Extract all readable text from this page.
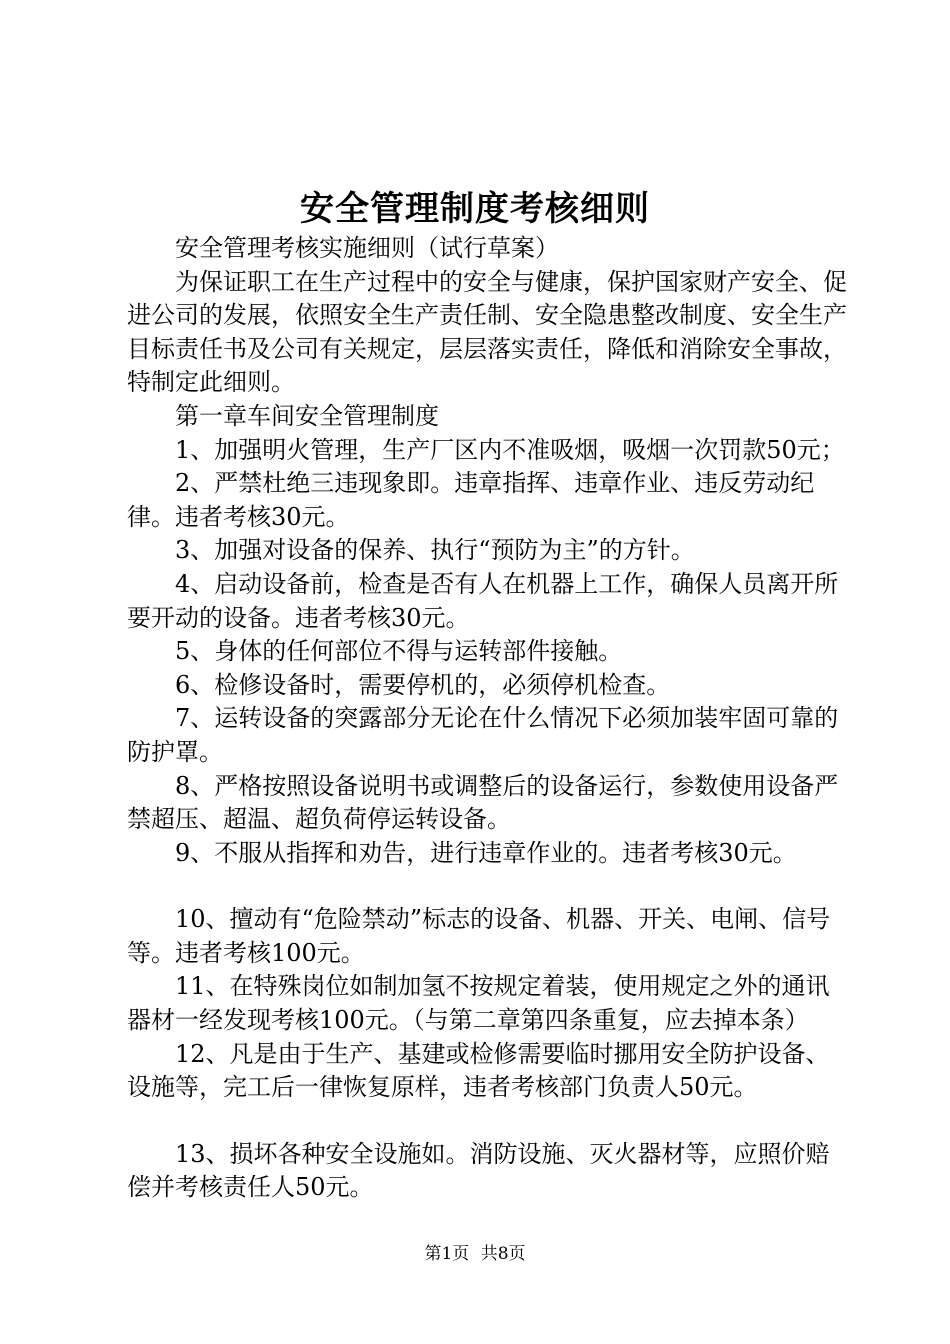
安全管理制度考核细则

安全管理考核实施细则（试行草案）

为保证职工在生产过程中的安全与健康，保护国家财产安全、促进公司的发展，依照安全生产责任制、安全隐患整改制度、安全生产目标责任书及公司有关规定，层层落实责任，降低和消除安全事故，特制定此细则。

第一章车间安全管理制度

1、加强明火管理，生产厂区内不准吸烟，吸烟一次罚款50元；

2、严禁杜绝三违现象即。违章指挥、违章作业、违反劳动纪律。违者考核30元。

3、加强对设备的保养、执行“预防为主”的方针。

4、启动设备前，检查是否有人在机器上工作，确保人员离开所要开动的设备。违者考核30元。

5、身体的任何部位不得与运转部件接触。

6、检修设备时，需要停机的，必须停机检查。

7、运转设备的突露部分无论在什么情况下必须加装牢固可靠的防护罩。

8、严格按照设备说明书或调整后的设备运行，参数使用设备严禁超压、超温、超负荷停运转设备。

9、不服从指挥和劝告，进行违章作业的。违者考核30元。

10、擅动有“危险禁动”标志的设备、机器、开关、电闸、信号等。违者考核100元。

11、在特殊岗位如制加氢不按规定着装，使用规定之外的通讯器材一经发现考核100元。（与第二章第四条重复，应去掉本条）

12、凡是由于生产、基建或检修需要临时挪用安全防护设备、设施等，完工后一律恢复原样，违者考核部门负责人50元。

13、损坏各种安全设施如。消防设施、灭火器材等，应照价赔偿并考核责任人50元。

第1页 共8页
